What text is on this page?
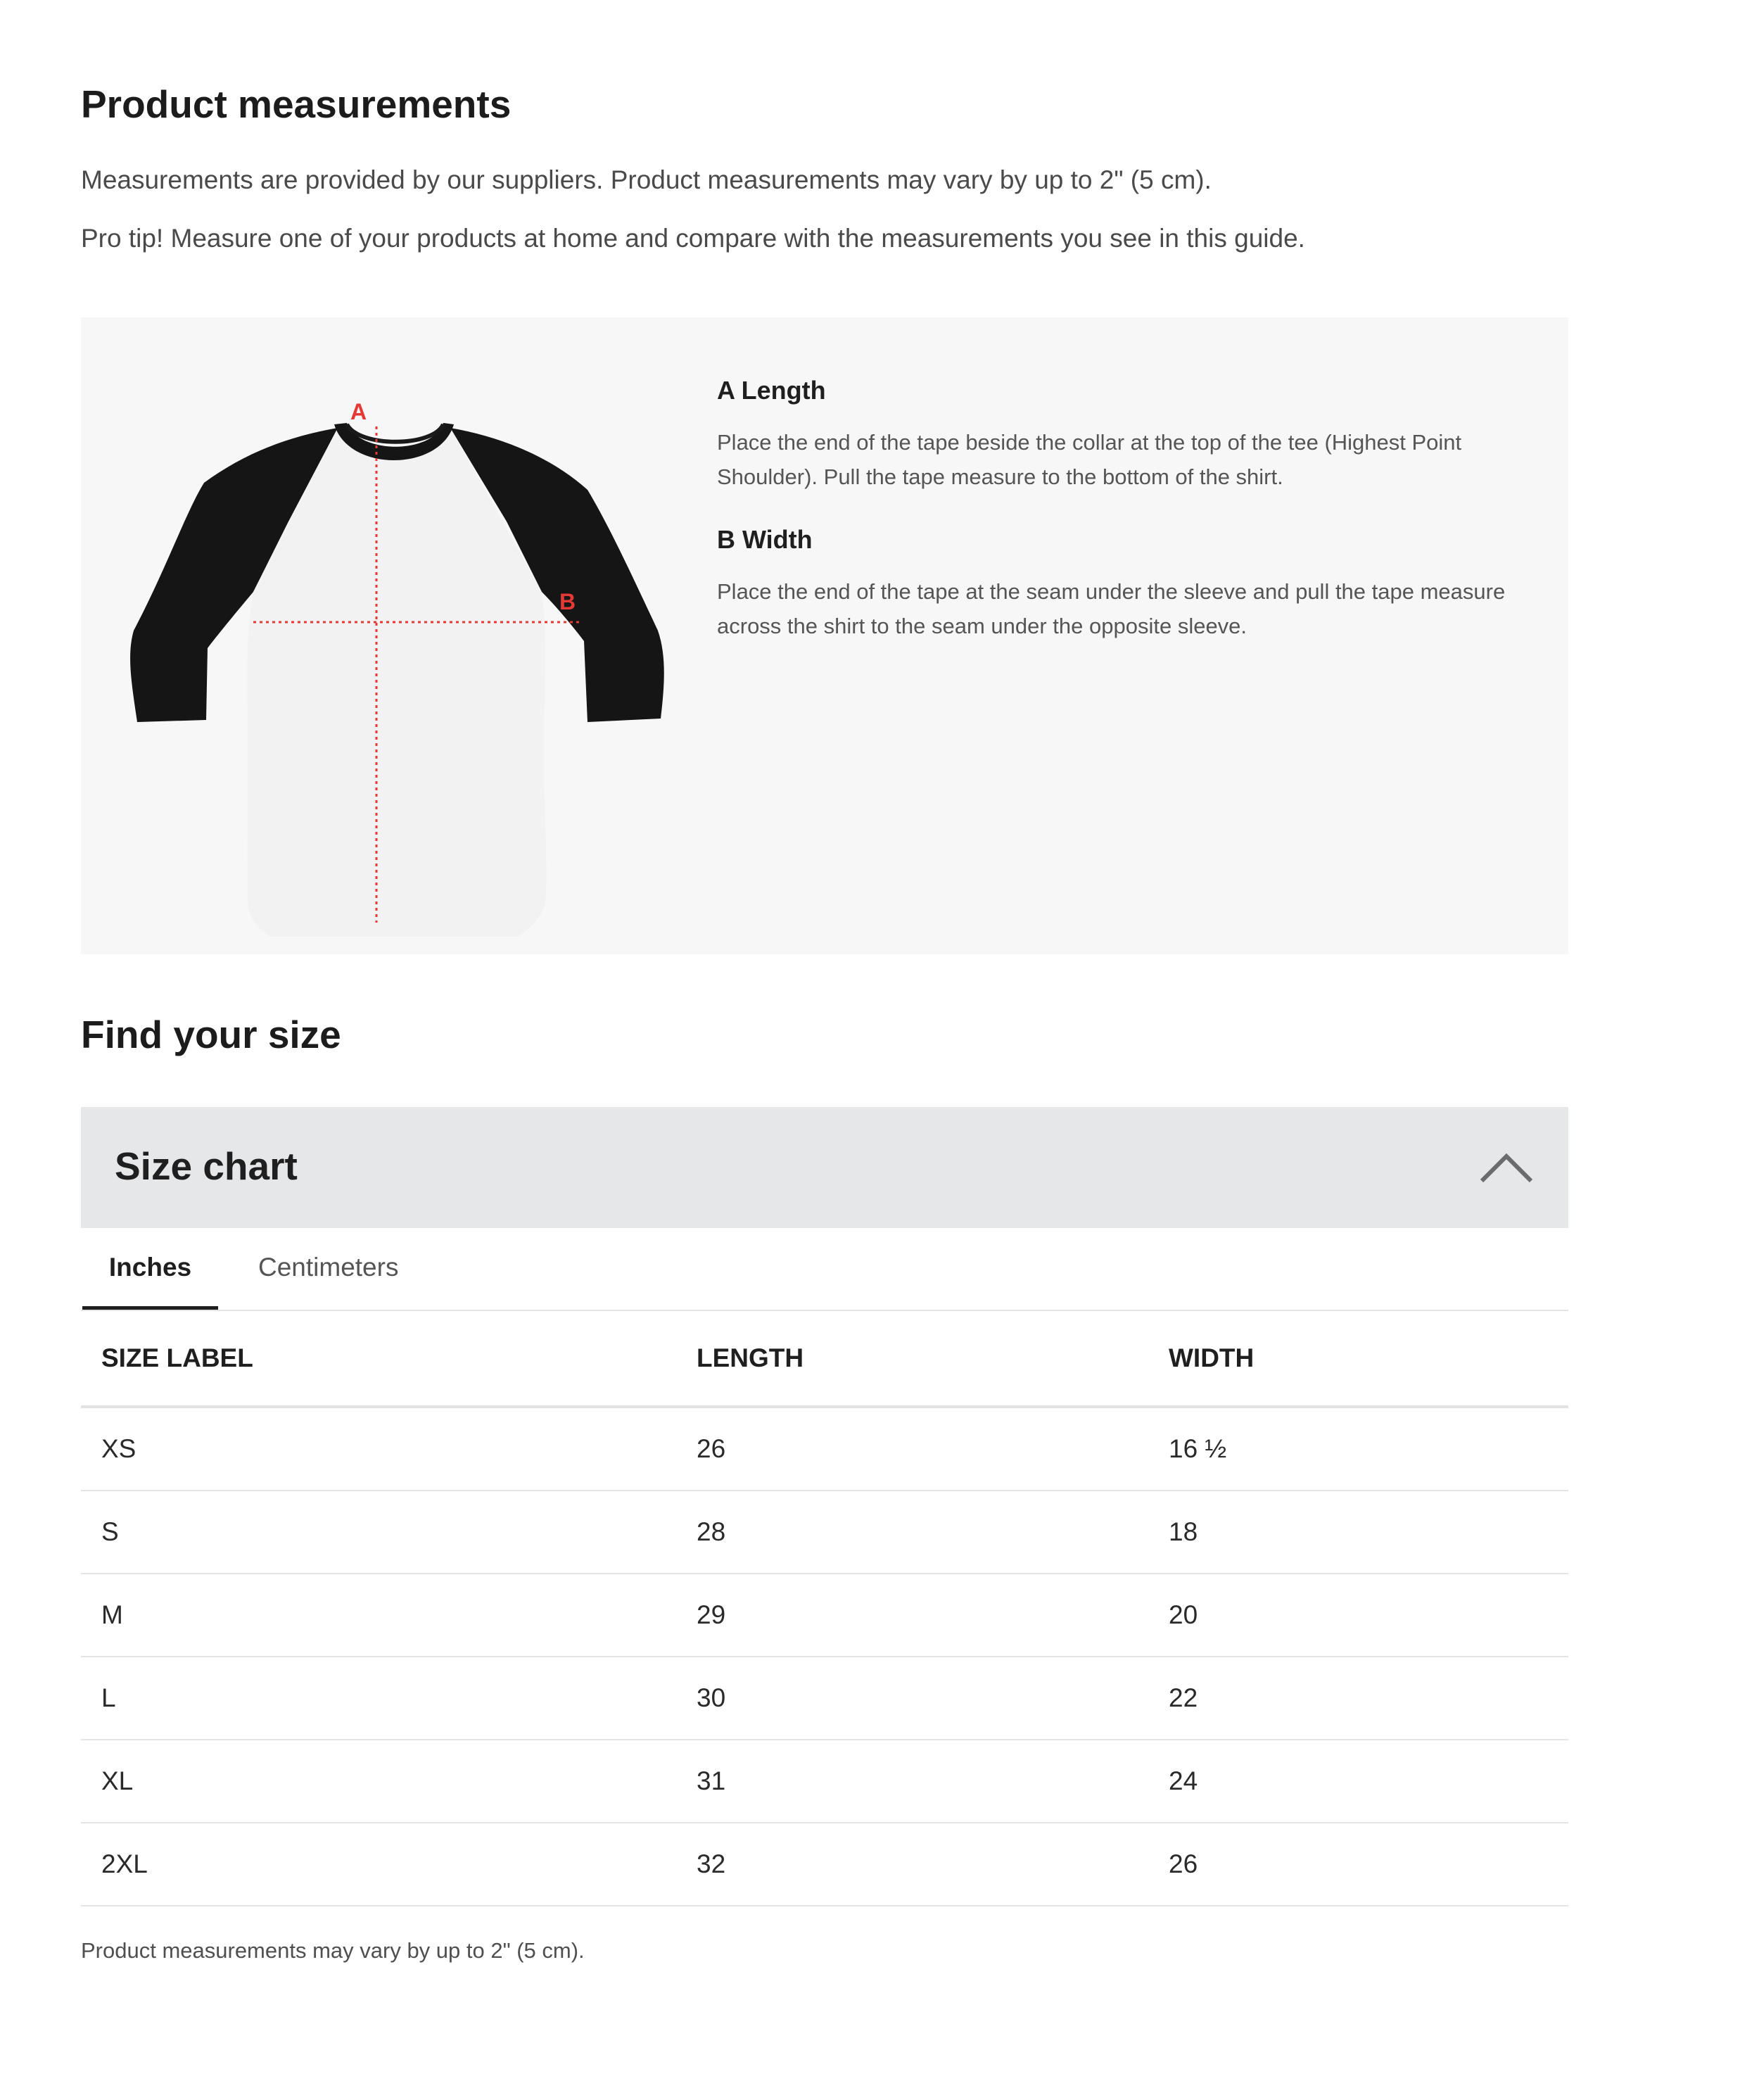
Product measurements

Measurements are provided by our suppliers. Product measurements may vary by up to 2" (5 cm).

Pro tip! Measure one of your products at home and compare with the measurements you see in this guide.

A
B

A Length

Place the end of the tape beside the collar at the top of the tee (Highest Point Shoulder). Pull the tape measure to the bottom of the shirt.

B Width

Place the end of the tape at the seam under the sleeve and pull the tape measure across the shirt to the seam under the opposite sleeve.

Find your size
Size chart
Inches	Centimeters
SIZE LABEL	LENGTH	WIDTH
XS	26	16 ½
S	28	18
M	29	20
L	30	22
XL	31	24
2XL	32	26

Product measurements may vary by up to 2" (5 cm).
